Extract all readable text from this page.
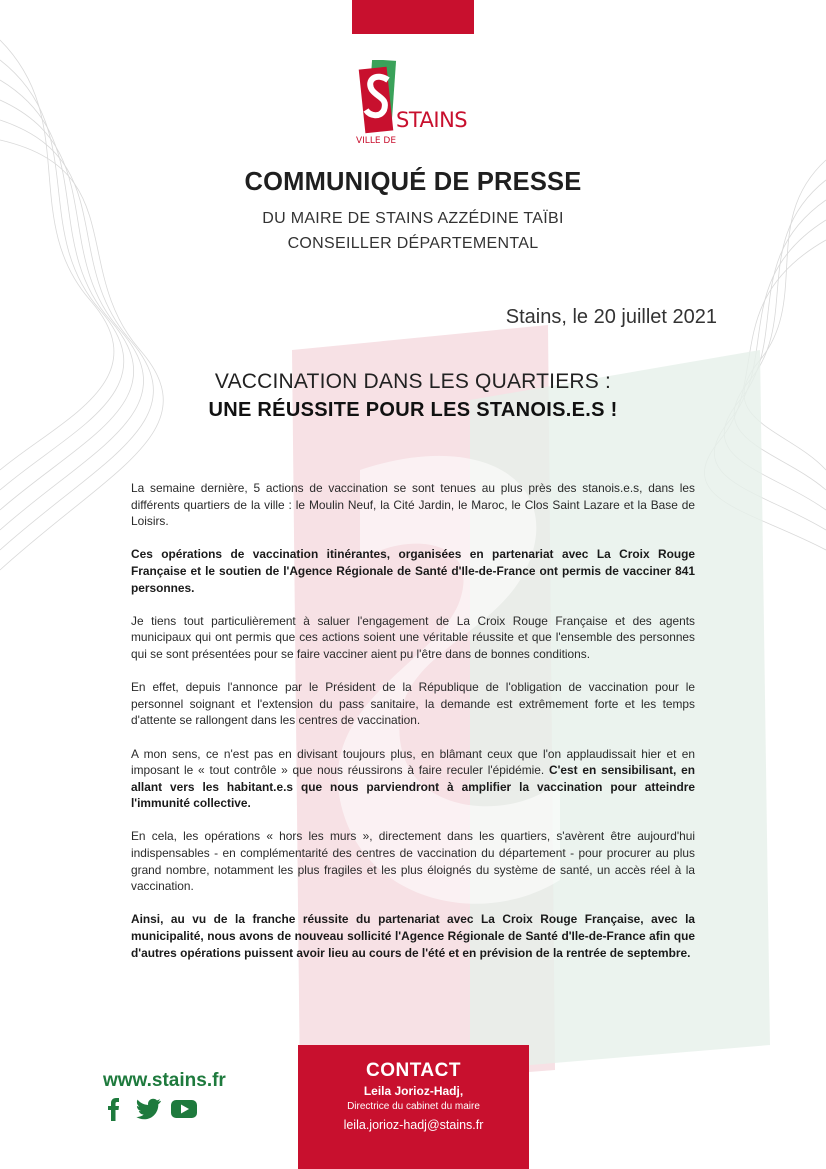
STAINS
VILLE DE
COMMUNIQUÉ DE PRESSE
DU MAIRE DE STAINS AZZÉDINE TAÏBI
CONSEILLER DÉPARTEMENTAL
Stains, le 20 juillet 2021
VACCINATION DANS LES QUARTIERS :
UNE RÉUSSITE POUR LES STANOIS.E.S !

La semaine dernière, 5 actions de vaccination se sont tenues au plus près des stanois.e.s, dans les différents quartiers de la ville : le Moulin Neuf, la Cité Jardin, le Maroc, le Clos Saint Lazare et la Base de Loisirs.

Ces opérations de vaccination itinérantes, organisées en partenariat avec La Croix Rouge Française et le soutien de l'Agence Régionale de Santé d'Ile-de-France ont permis de vacciner 841 personnes.

Je tiens tout particulièrement à saluer l'engagement de La Croix Rouge Française et des agents municipaux qui ont permis que ces actions soient une véritable réussite et que l'ensemble des personnes qui se sont présentées pour se faire vacciner aient pu l'être dans de bonnes conditions.

En effet, depuis l'annonce par le Président de la République de l'obligation de vaccination pour le personnel soignant et l'extension du pass sanitaire, la demande est extrêmement forte et les temps d'attente se rallongent dans les centres de vaccination.

A mon sens, ce n'est pas en divisant toujours plus, en blâmant ceux que l'on applaudissait hier et en imposant le « tout contrôle » que nous réussirons à faire reculer l'épidémie. C'est en sensibilisant, en allant vers les habitant.e.s que nous parviendront à amplifier la vaccination pour atteindre l'immunité collective.

En cela, les opérations « hors les murs », directement dans les quartiers, s'avèrent être aujourd'hui indispensables - en complémentarité des centres de vaccination du département - pour procurer au plus grand nombre, notamment les plus fragiles et les plus éloignés du système de santé, un accès réel à la vaccination.

Ainsi, au vu de la franche réussite du partenariat avec La Croix Rouge Française, avec la municipalité, nous avons de nouveau sollicité l'Agence Régionale de Santé d'Ile-de-France afin que d'autres opérations puissent avoir lieu au cours de l'été et en prévision de la rentrée de septembre.

www.stains.fr	CONTACT
Leila Jorioz-Hadj,
Directrice du cabinet du maire
leila.jorioz-hadj@stains.fr
